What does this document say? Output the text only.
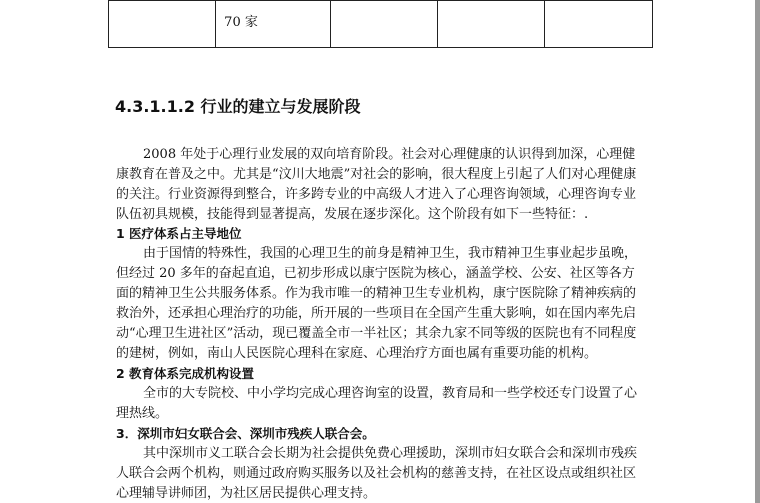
	70 家			
4.3.1.1.2 行业的建立与发展阶段

2008 年处于心理行业发展的双向培育阶段。社会对心理健康的认识得到加深，心理健

康教育在普及之中。尤其是“汶川大地震”对社会的影响，很大程度上引起了人们对心理健康

的关注。行业资源得到整合，许多跨专业的中高级人才进入了心理咨询领域，心理咨询专业

队伍初具规模，技能得到显著提高，发展在逐步深化。这个阶段有如下一些特征：.

1 医疗体系占主导地位

由于国情的特殊性，我国的心理卫生的前身是精神卫生，我市精神卫生事业起步虽晚，

但经过 20 多年的奋起直追，已初步形成以康宁医院为核心，涵盖学校、公安、社区等各方

面的精神卫生公共服务体系。作为我市唯一的精神卫生专业机构，康宁医院除了精神疾病的

救治外，还承担心理治疗的功能，所开展的一些项目在全国产生重大影响，如在国内率先启

动“心理卫生进社区”活动，现已覆盖全市一半社区；其余九家不同等级的医院也有不同程度

的建树，例如，南山人民医院心理科在家庭、心理治疗方面也属有重要功能的机构。

2 教育体系完成机构设置

全市的大专院校、中小学均完成心理咨询室的设置，教育局和一些学校还专门设置了心

理热线。

3．深圳市妇女联合会、深圳市残疾人联合会。

其中深圳市义工联合会长期为社会提供免费心理援助，深圳市妇女联合会和深圳市残疾

人联合会两个机构，则通过政府购买服务以及社会机构的慈善支持，在社区设点或组织社区

心理辅导讲师团，为社区居民提供心理支持。
